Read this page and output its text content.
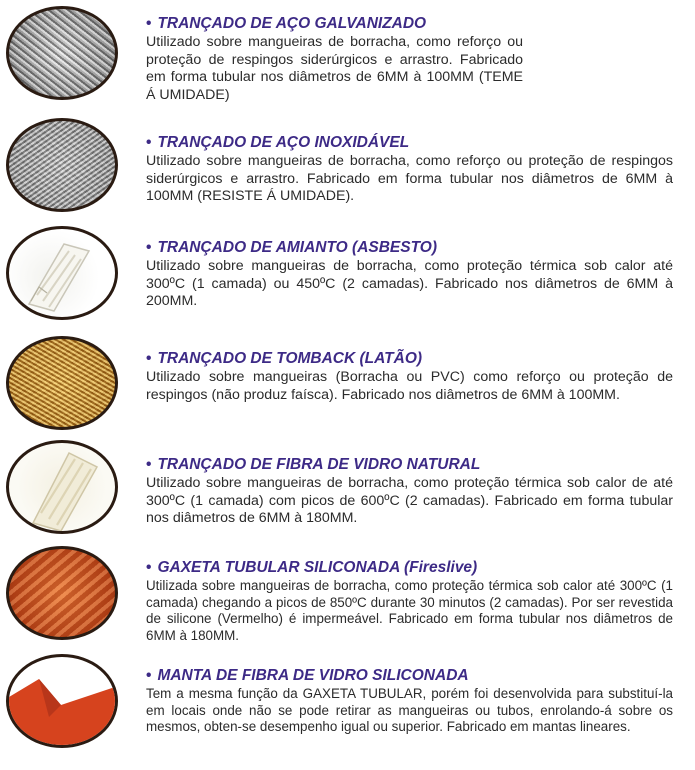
• TRANÇADO DE AÇO GALVANIZADO
Utilizado sobre mangueiras de borracha, como reforço ou proteção de respingos siderúrgicos e arrastro. Fabricado em forma tubular nos diâmetros de 6MM à 100MM (TEME Á UMIDADE)
• TRANÇADO DE AÇO INOXIDÁVEL
Utilizado sobre mangueiras de borracha, como reforço ou proteção de respingos siderúrgicos e arrastro. Fabricado em forma tubular nos diâmetros de 6MM à 100MM (RESISTE Á UMIDADE).
• TRANÇADO DE AMIANTO (ASBESTO)
Utilizado sobre mangueiras de borracha, como proteção térmica sob calor até 300ºC (1 camada) ou 450ºC (2 camadas). Fabricado nos diâmetros de 6MM à 200MM.
• TRANÇADO DE TOMBACK (LATÃO)
Utilizado sobre mangueiras (Borracha ou PVC) como reforço ou proteção de respingos (não produz faísca). Fabricado nos diâmetros de 6MM à 100MM.
• TRANÇADO DE FIBRA DE VIDRO NATURAL
Utilizado sobre mangueiras de borracha, como proteção térmica sob calor de até 300ºC (1 camada) com picos de 600ºC (2 camadas). Fabricado em forma tubular nos diâmetros de 6MM à 180MM.
• GAXETA TUBULAR SILICONADA (Fireslive)
Utilizada sobre mangueiras de borracha, como proteção térmica sob calor até 300ºC (1 camada) chegando a picos de 850ºC durante 30 minutos (2 camadas). Por ser revestida de silicone (Vermelho) é impermeável. Fabricado em forma tubular nos diâmetros de 6MM à 180MM.
• MANTA DE FIBRA DE VIDRO SILICONADA
Tem a mesma função da GAXETA TUBULAR, porém foi desenvolvida para substituí-la em locais onde não se pode retirar as mangueiras ou tubos, enrolando-á sobre os mesmos, obten-se desempenho igual ou superior. Fabricado em mantas lineares.
